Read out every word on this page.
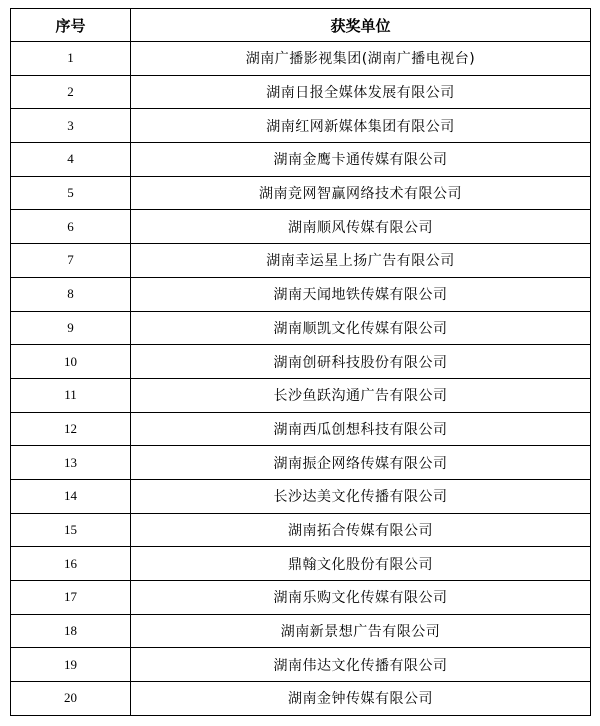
序号	获奖单位
1	湖南广播影视集团(湖南广播电视台)
2	湖南日报全媒体发展有限公司
3	湖南红网新媒体集团有限公司
4	湖南金鹰卡通传媒有限公司
5	湖南竞网智赢网络技术有限公司
6	湖南顺风传媒有限公司
7	湖南幸运星上扬广告有限公司
8	湖南天闻地铁传媒有限公司
9	湖南顺凯文化传媒有限公司
10	湖南创研科技股份有限公司
11	长沙鱼跃沟通广告有限公司
12	湖南西瓜创想科技有限公司
13	湖南振企网络传媒有限公司
14	长沙达美文化传播有限公司
15	湖南拓合传媒有限公司
16	鼎翰文化股份有限公司
17	湖南乐购文化传媒有限公司
18	湖南新景想广告有限公司
19	湖南伟达文化传播有限公司
20	湖南金钟传媒有限公司
